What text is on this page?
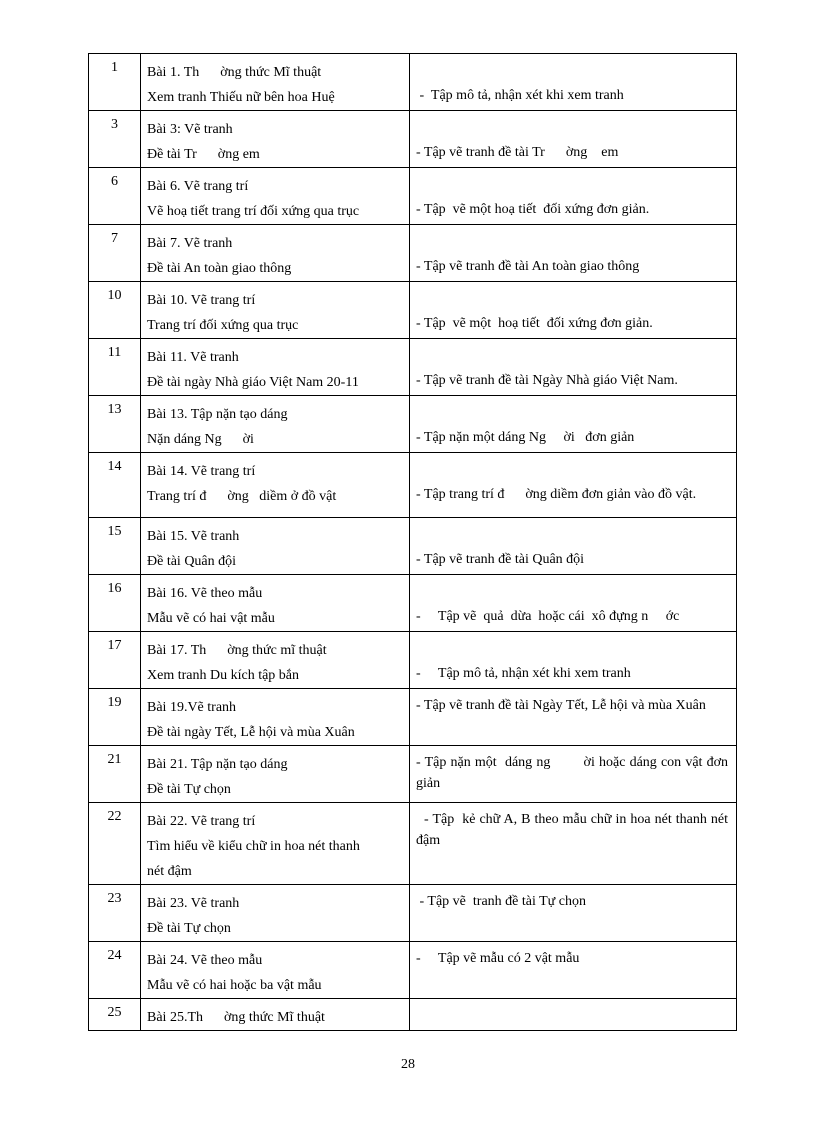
1	Bài 1. Th      ờng thức Mĩ thuật
Xem tranh Thiếu nữ bên hoa Huệ	-  Tập mô tả, nhận xét khi xem tranh

3	Bài 3: Vẽ tranh
Đề tài Tr      ờng em	- Tập vẽ tranh đề tài Tr      ờng    em

6	Bài 6. Vẽ trang trí
Vẽ hoạ tiết trang trí đối xứng qua trục	- Tập  vẽ một hoạ tiết  đối xứng đơn giản.

7	Bài 7. Vẽ tranh
Đề tài An toàn giao thông	- Tập vẽ tranh đề tài An toàn giao thông

10	Bài 10. Vẽ trang trí
Trang trí đối xứng qua trục	- Tập  vẽ một  hoạ tiết  đối xứng đơn giản.

11	Bài 11. Vẽ tranh
Đề tài ngày Nhà giáo Việt Nam 20-11	- Tập vẽ tranh đề tài Ngày Nhà giáo Việt Nam.

13	Bài 13. Tập nặn tạo dáng
Nặn dáng Ng      ời	- Tập nặn một dáng Ng     ời   đơn giản

14	Bài 14. Vẽ trang trí
Trang trí đ      ờng   diềm ở đồ vật	- Tập trang trí đ      ờng diềm đơn giản vào đồ vật.

15	Bài 15. Vẽ tranh
Đề tài Quân đội	- Tập vẽ tranh đề tài Quân đội

16	Bài 16. Vẽ theo mẫu
Mẫu vẽ có hai vật mẫu	-     Tập vẽ  quả  dừa  hoặc cái  xô đựng n     ớc

17	Bài 17. Th      ờng thức mĩ thuật
Xem tranh Du kích tập bắn	-     Tập mô tả, nhận xét khi xem tranh

19	Bài 19.Vẽ tranh
Đề tài ngày Tết, Lễ hội và mùa Xuân	- Tập vẽ tranh đề tài Ngày Tết, Lễ hội và mùa Xuân

21	Bài 21. Tập nặn tạo dáng
Đề tài Tự chọn	- Tập nặn một  dáng ng        ời hoặc dáng con vật đơn giản

22	Bài 22. Vẽ trang trí
Tìm hiểu về kiểu chữ in hoa nét thanh
nét đậm	- Tập  kẻ chữ A, B theo mẫu chữ in hoa nét thanh nét đậm

23	Bài 23. Vẽ tranh
Đề tài Tự chọn	- Tập vẽ  tranh đề tài Tự chọn

24	Bài 24. Vẽ theo mẫu
Mẫu vẽ có hai hoặc ba vật mẫu	-     Tập vẽ mẫu có 2 vật mẫu

25	Bài 25.Th      ờng thức Mĩ thuật	

28
